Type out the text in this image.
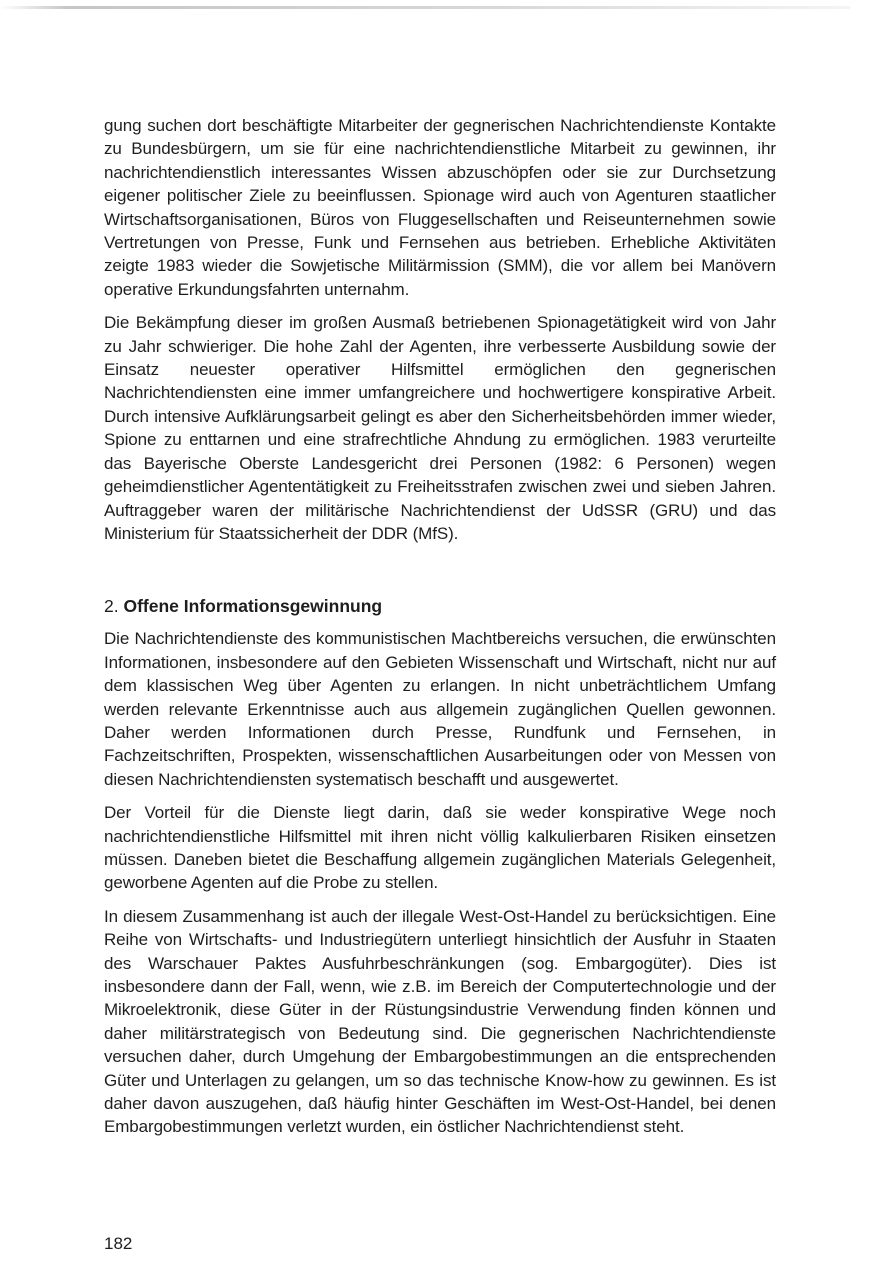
gung suchen dort beschäftigte Mitarbeiter der gegnerischen Nachrichtendienste Kontakte zu Bundesbürgern, um sie für eine nachrichtendienstliche Mitarbeit zu gewinnen, ihr nachrichtendienstlich interessantes Wissen abzuschöpfen oder sie zur Durchsetzung eigener politischer Ziele zu beeinflussen. Spionage wird auch von Agenturen staatlicher Wirtschaftsorganisationen, Büros von Fluggesellschaften und Reiseunternehmen sowie Vertretungen von Presse, Funk und Fernsehen aus betrieben. Erhebliche Aktivitäten zeigte 1983 wieder die Sowjetische Militärmission (SMM), die vor allem bei Manövern operative Erkundungsfahrten unternahm.

Die Bekämpfung dieser im großen Ausmaß betriebenen Spionagetätigkeit wird von Jahr zu Jahr schwieriger. Die hohe Zahl der Agenten, ihre verbesserte Ausbildung sowie der Einsatz neuester operativer Hilfsmittel ermöglichen den gegnerischen Nachrichtendiensten eine immer umfangreichere und hochwertigere konspirative Arbeit. Durch intensive Aufklärungsarbeit gelingt es aber den Sicherheitsbehörden immer wieder, Spione zu enttarnen und eine strafrechtliche Ahndung zu ermöglichen. 1983 verurteilte das Bayerische Oberste Landesgericht drei Personen (1982: 6 Personen) wegen geheimdienstlicher Agententätigkeit zu Freiheitsstrafen zwischen zwei und sieben Jahren. Auftraggeber waren der militärische Nachrichtendienst der UdSSR (GRU) und das Ministerium für Staatssicherheit der DDR (MfS).

2. Offene Informationsgewinnung

Die Nachrichtendienste des kommunistischen Machtbereichs versuchen, die erwünschten Informationen, insbesondere auf den Gebieten Wissenschaft und Wirtschaft, nicht nur auf dem klassischen Weg über Agenten zu erlangen. In nicht unbeträchtlichem Umfang werden relevante Erkenntnisse auch aus allgemein zugänglichen Quellen gewonnen. Daher werden Informationen durch Presse, Rundfunk und Fernsehen, in Fachzeitschriften, Prospekten, wissenschaftlichen Ausarbeitungen oder von Messen von diesen Nachrichtendiensten systematisch beschafft und ausgewertet.

Der Vorteil für die Dienste liegt darin, daß sie weder konspirative Wege noch nachrichtendienstliche Hilfsmittel mit ihren nicht völlig kalkulierbaren Risiken einsetzen müssen. Daneben bietet die Beschaffung allgemein zugänglichen Materials Gelegenheit, geworbene Agenten auf die Probe zu stellen.

In diesem Zusammenhang ist auch der illegale West-Ost-Handel zu berücksichtigen. Eine Reihe von Wirtschafts- und Industriegütern unterliegt hinsichtlich der Ausfuhr in Staaten des Warschauer Paktes Ausfuhrbeschränkungen (sog. Embargogüter). Dies ist insbesondere dann der Fall, wenn, wie z.B. im Bereich der Computertechnologie und der Mikroelektronik, diese Güter in der Rüstungsindustrie Verwendung finden können und daher militärstrategisch von Bedeutung sind. Die gegnerischen Nachrichtendienste versuchen daher, durch Umgehung der Embargobestimmungen an die entsprechenden Güter und Unterlagen zu gelangen, um so das technische Know-how zu gewinnen. Es ist daher davon auszugehen, daß häufig hinter Geschäften im West-Ost-Handel, bei denen Embargobestimmungen verletzt wurden, ein östlicher Nachrichtendienst steht.

182
